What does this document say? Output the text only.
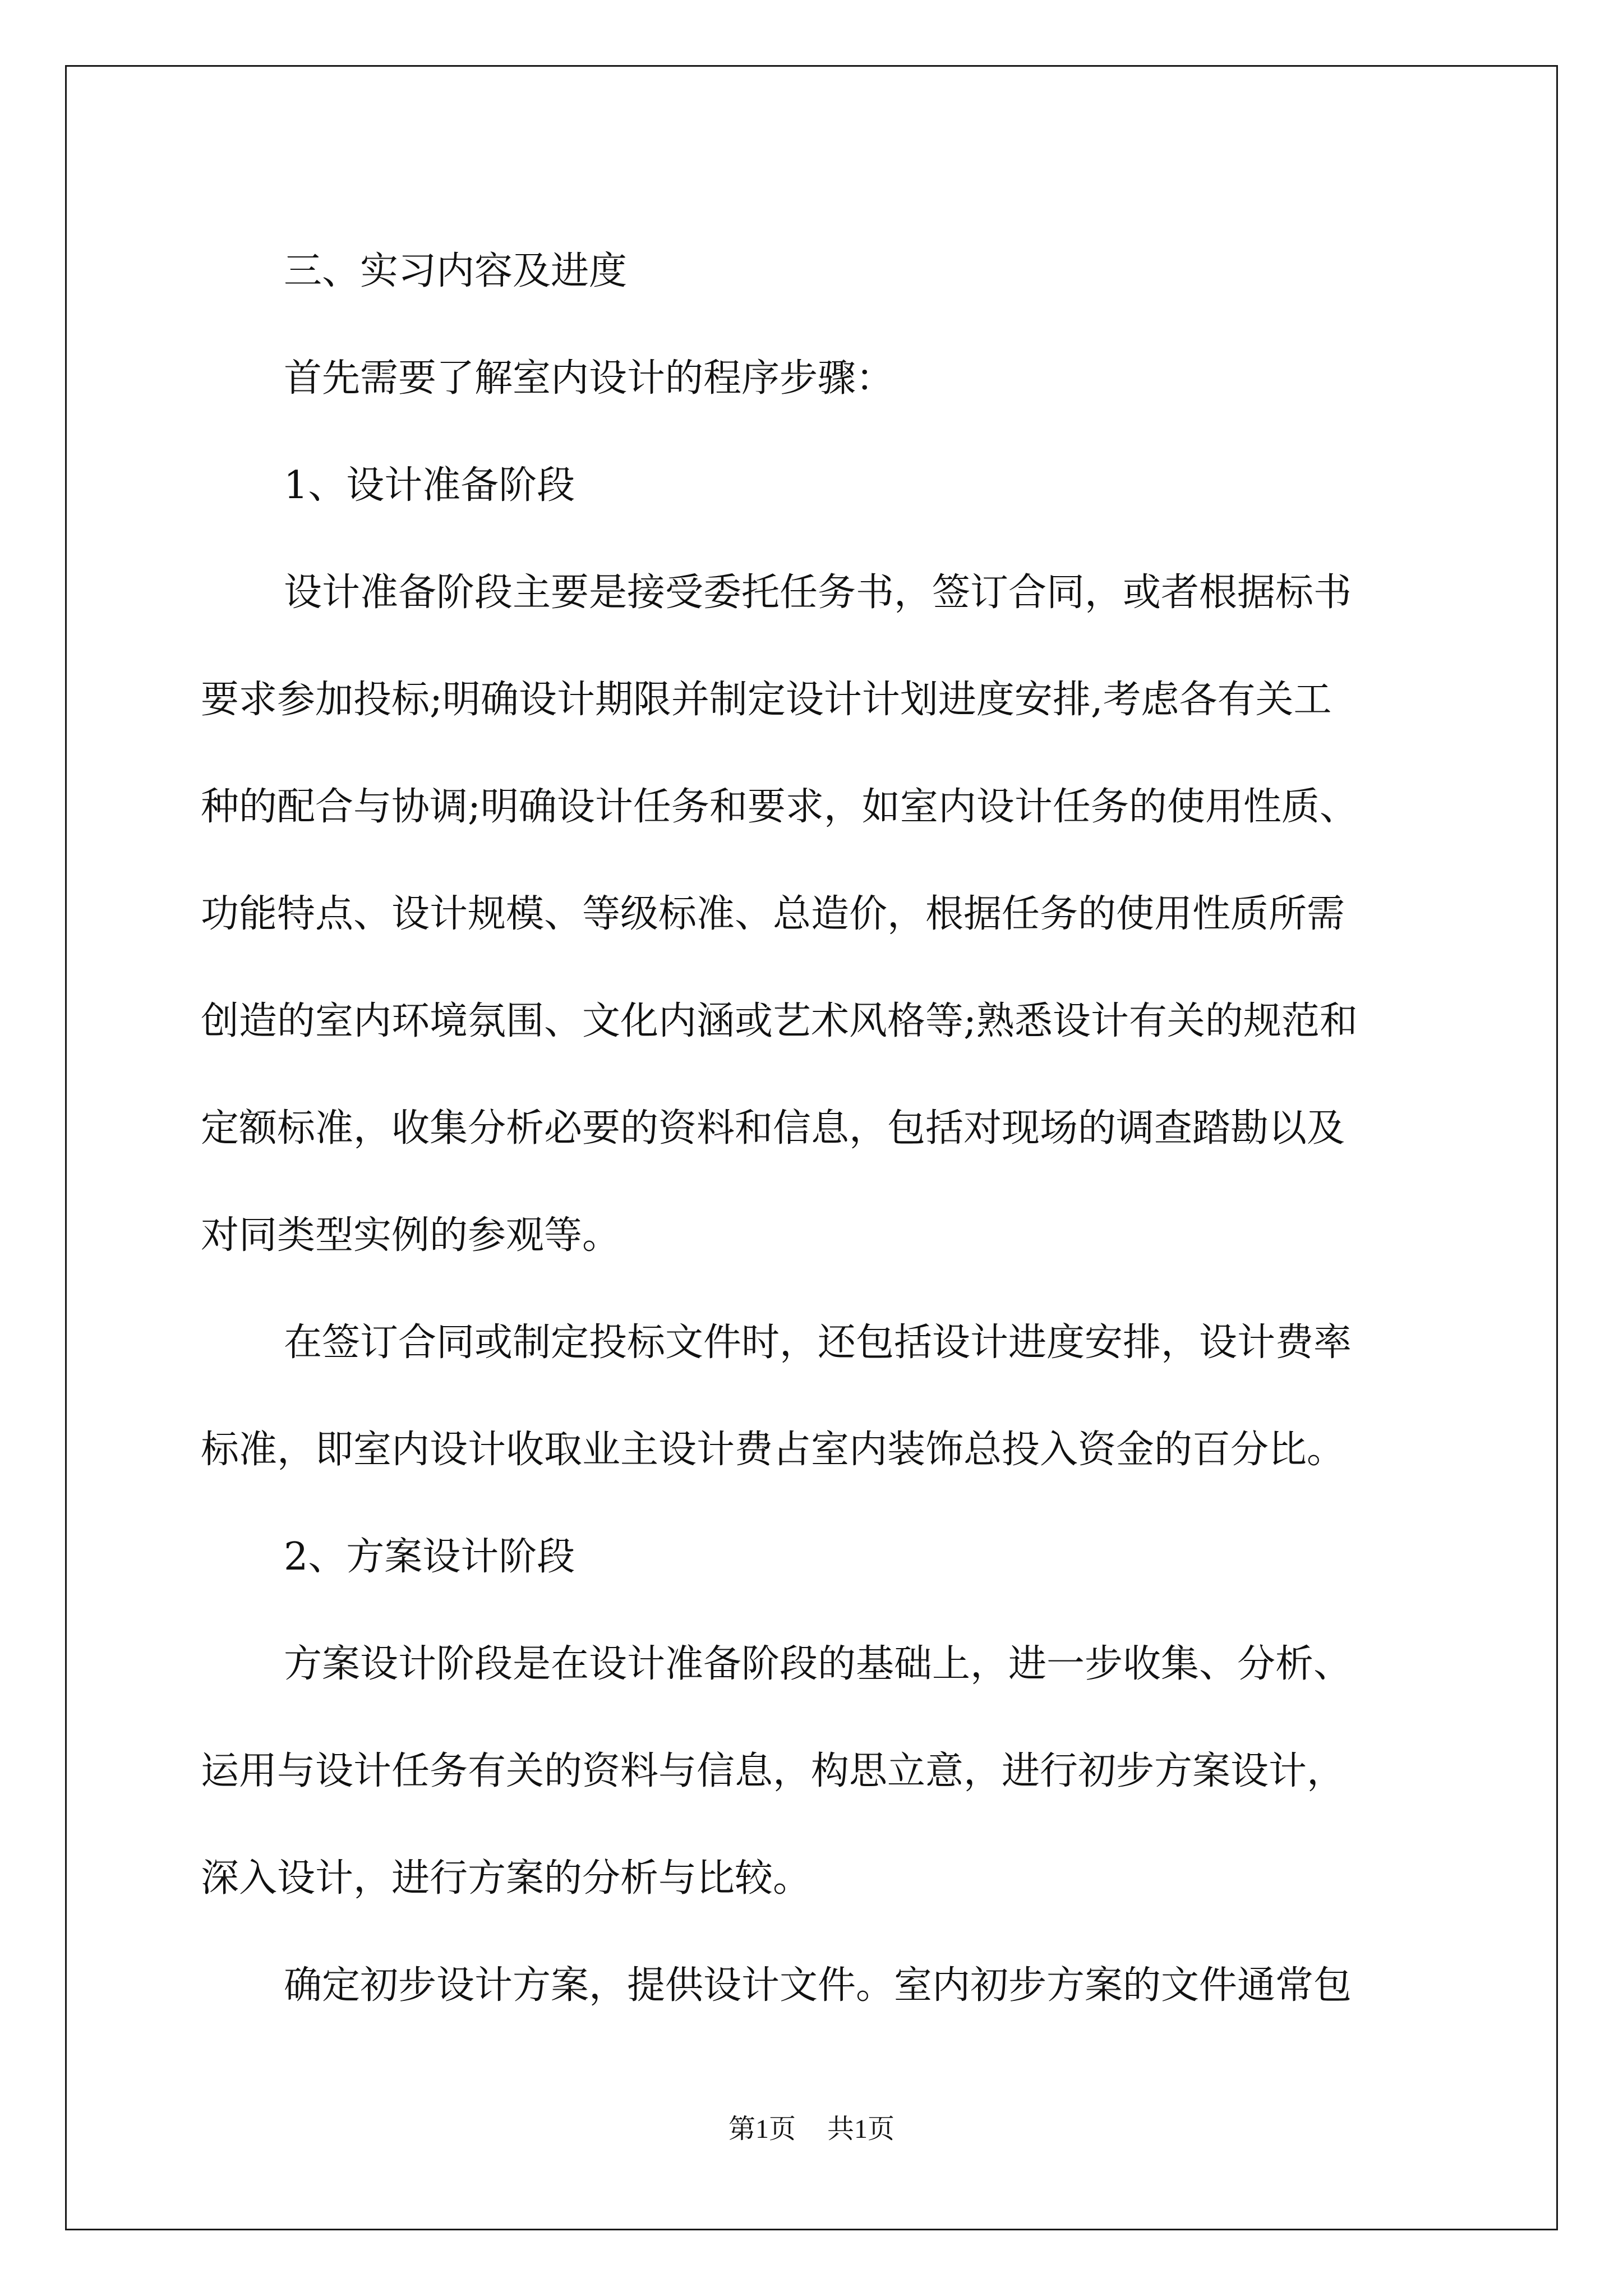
三、实习内容及进度
首先需要了解室内设计的程序步骤：
1、设计准备阶段
设计准备阶段主要是接受委托任务书，签订合同，或者根据标书
要求参加投标;明确设计期限并制定设计计划进度安排,考虑各有关工
种的配合与协调;明确设计任务和要求，如室内设计任务的使用性质、
功能特点、设计规模、等级标准、总造价，根据任务的使用性质所需
创造的室内环境氛围、文化内涵或艺术风格等;熟悉设计有关的规范和
定额标准，收集分析必要的资料和信息，包括对现场的调查踏勘以及
对同类型实例的参观等。
在签订合同或制定投标文件时，还包括设计进度安排，设计费率
标准，即室内设计收取业主设计费占室内装饰总投入资金的百分比。
2、方案设计阶段
方案设计阶段是在设计准备阶段的基础上，进一步收集、分析、
运用与设计任务有关的资料与信息，构思立意，进行初步方案设计，
深入设计，进行方案的分析与比较。
确定初步设计方案，提供设计文件。室内初步方案的文件通常包
第1页 共1页
